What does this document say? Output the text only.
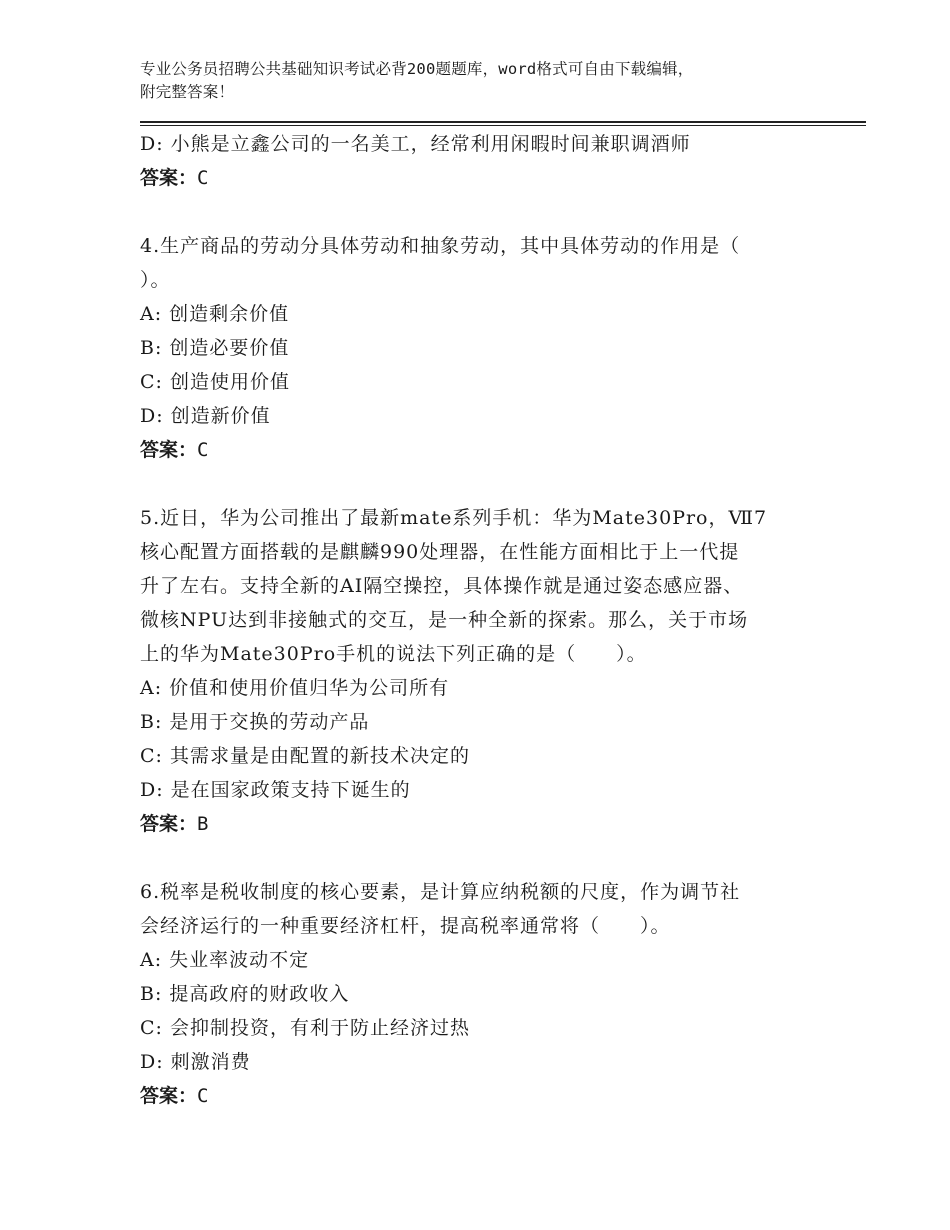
专业公务员招聘公共基础知识考试必背200题题库，word格式可自由下载编辑，
附完整答案！
D: 小熊是立鑫公司的一名美工，经常利用闲暇时间兼职调酒师
答案：C
4.生产商品的劳动分具体劳动和抽象劳动，其中具体劳动的作用是（
）。
A: 创造剩余价值
B: 创造必要价值
C: 创造使用价值
D: 创造新价值
答案：C
5.近日，华为公司推出了最新mate系列手机：华为Mate30Pro，Ⅶ7
核心配置方面搭载的是麒麟990处理器，在性能方面相比于上一代提
升了左右。支持全新的AI隔空操控，具体操作就是通过姿态感应器、
微核NPU达到非接触式的交互，是一种全新的探索。那么，关于市场
上的华为Mate30Pro手机的说法下列正确的是（　　）。
A: 价值和使用价值归华为公司所有
B: 是用于交换的劳动产品
C: 其需求量是由配置的新技术决定的
D: 是在国家政策支持下诞生的
答案：B
6.税率是税收制度的核心要素，是计算应纳税额的尺度，作为调节社
会经济运行的一种重要经济杠杆，提高税率通常将（　　）。
A: 失业率波动不定
B: 提高政府的财政收入
C: 会抑制投资，有利于防止经济过热
D: 刺激消费
答案：C
